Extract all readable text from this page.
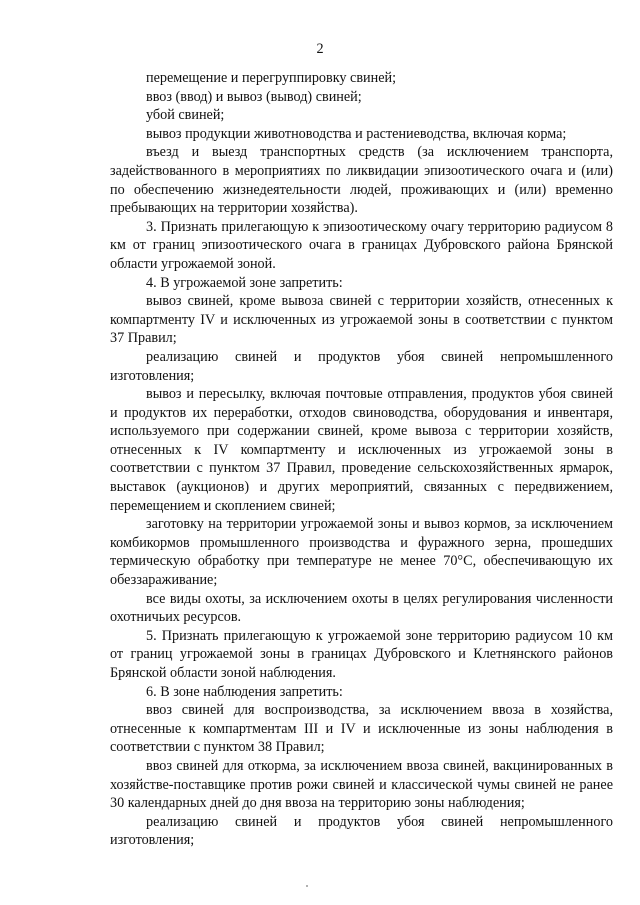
2

перемещение и перегруппировку свиней;

ввоз (ввод) и вывоз (вывод) свиней;

убой свиней;

вывоз продукции животноводства и растениеводства, включая корма;

въезд и выезд транспортных средств (за исключением транспорта, задействованного в мероприятиях по ликвидации эпизоотического очага и (или) по обеспечению жизнедеятельности людей, проживающих и (или) временно пребывающих на территории хозяйства).

3. Признать прилегающую к эпизоотическому очагу территорию радиусом 8 км от границ эпизоотического очага в границах Дубровского района Брянской области угрожаемой зоной.

4. В угрожаемой зоне запретить:

вывоз свиней, кроме вывоза свиней с территории хозяйств, отнесенных к компартменту IV и исключенных из угрожаемой зоны в соответствии с пунктом 37 Правил;

реализацию свиней и продуктов убоя свиней непромышленного изготовления;

вывоз и пересылку, включая почтовые отправления, продуктов убоя свиней и продуктов их переработки, отходов свиноводства, оборудования и инвентаря, используемого при содержании свиней, кроме вывоза с территории хозяйств, отнесенных к IV компартменту и исключенных из угрожаемой зоны в соответствии с пунктом 37 Правил, проведение сельскохозяйственных ярмарок, выставок (аукционов) и других мероприятий, связанных с передвижением, перемещением и скоплением свиней;

заготовку на территории угрожаемой зоны и вывоз кормов, за исключением комбикормов промышленного производства и фуражного зерна, прошедших термическую обработку при температуре не менее 70°С, обеспечивающую их обеззараживание;

все виды охоты, за исключением охоты в целях регулирования численности охотничьих ресурсов.

5. Признать прилегающую к угрожаемой зоне территорию радиусом 10 км от границ угрожаемой зоны в границах Дубровского и Клетнянского районов Брянской области зоной наблюдения.

6. В зоне наблюдения запретить:

ввоз свиней для воспроизводства, за исключением ввоза в хозяйства, отнесенные к компартментам III и IV и исключенные из зоны наблюдения в соответствии с пунктом 38 Правил;

ввоз свиней для откорма, за исключением ввоза свиней, вакцинированных в хозяйстве-поставщике против рожи свиней и классической чумы свиней не ранее 30 календарных дней до дня ввоза на территорию зоны наблюдения;

реализацию свиней и продуктов убоя свиней непромышленного изготовления;
